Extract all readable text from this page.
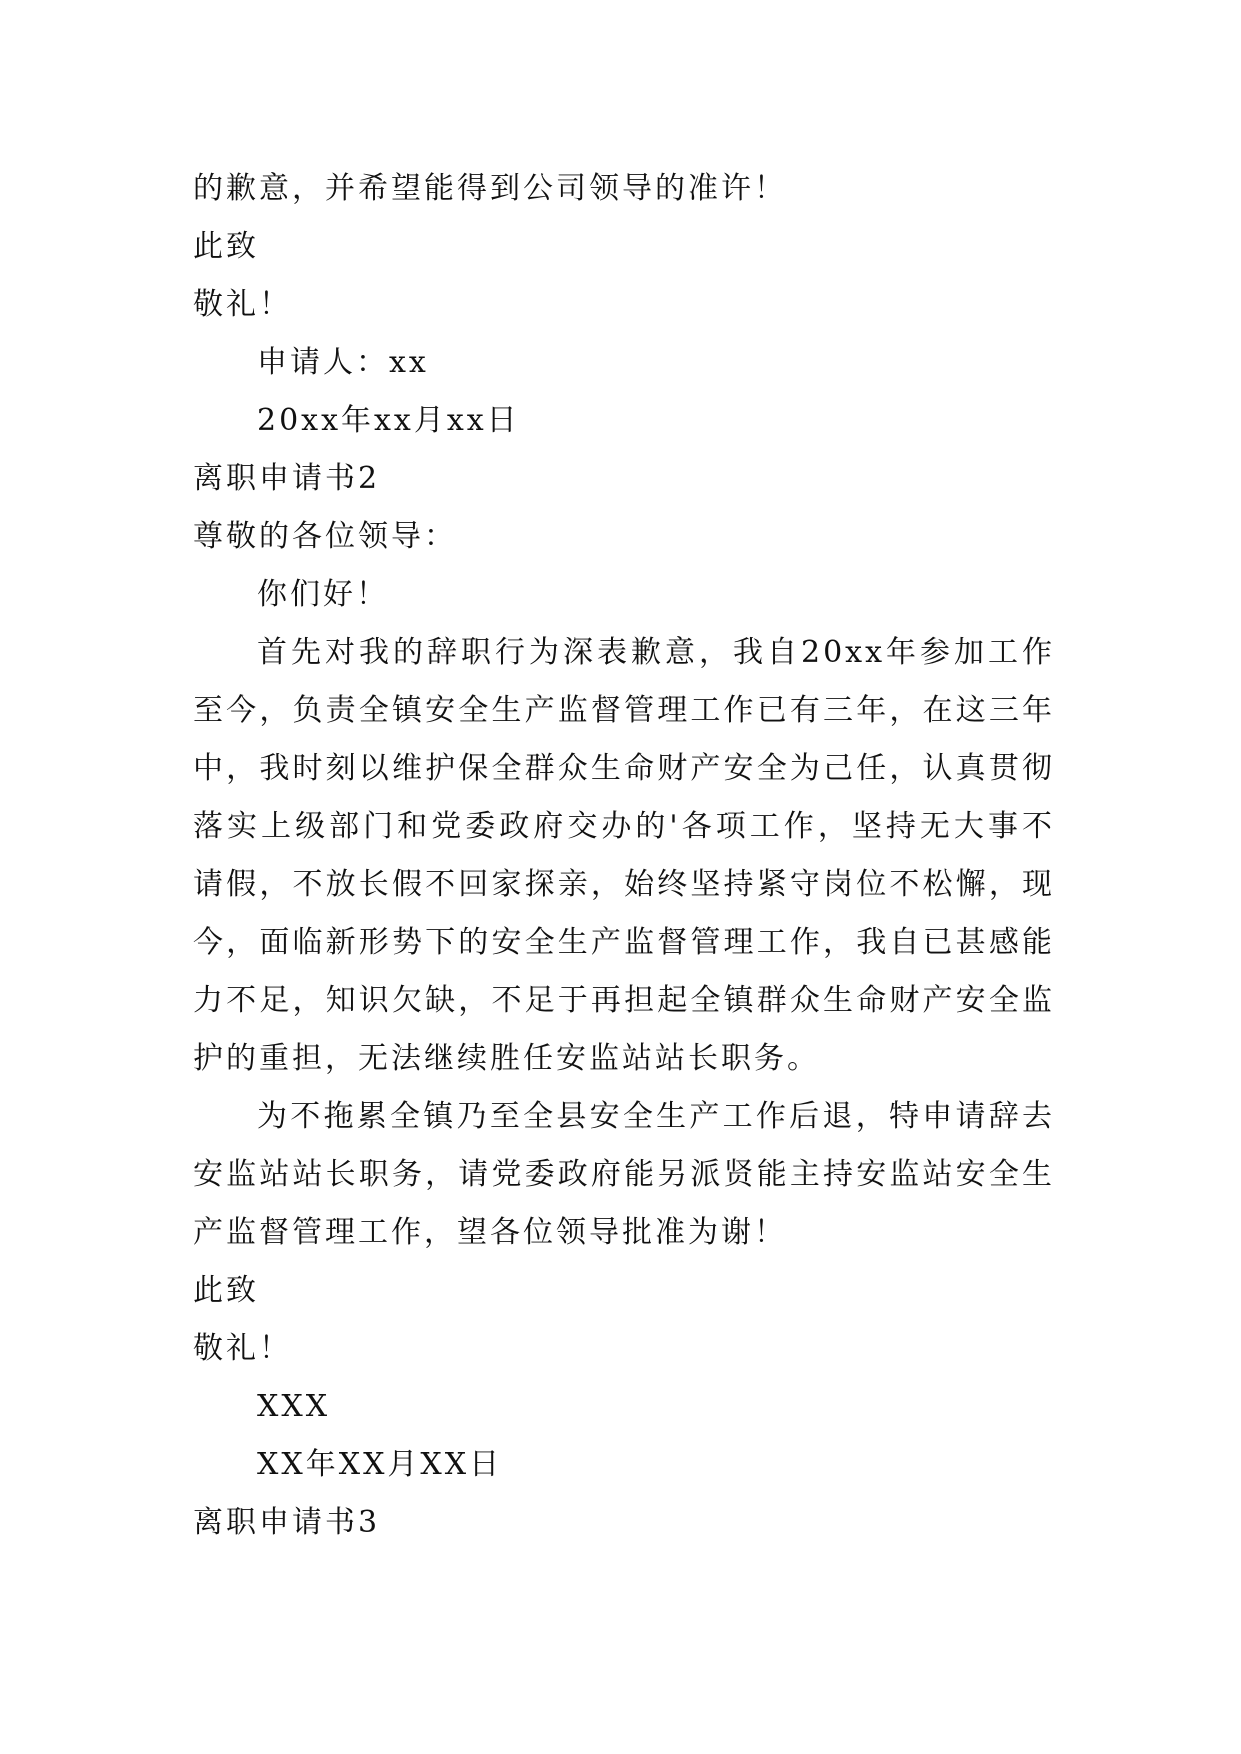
的歉意，并希望能得到公司领导的准许！
此致
敬礼！
申请人：xx
20xx年xx月xx日
离职申请书2
尊敬的各位领导：
你们好！
首先对我的辞职行为深表歉意，我自20xx年参加工作至今，负责全镇安全生产监督管理工作已有三年，在这三年中，我时刻以维护保全群众生命财产安全为己任，认真贯彻落实上级部门和党委政府交办的'各项工作，坚持无大事不请假，不放长假不回家探亲，始终坚持紧守岗位不松懈，现今，面临新形势下的安全生产监督管理工作，我自已甚感能力不足，知识欠缺，不足于再担起全镇群众生命财产安全监护的重担，无法继续胜任安监站站长职务。
为不拖累全镇乃至全县安全生产工作后退，特申请辞去安监站站长职务，请党委政府能另派贤能主持安监站安全生产监督管理工作，望各位领导批准为谢！
此致
敬礼！
XXX
XX年XX月XX日
离职申请书3
